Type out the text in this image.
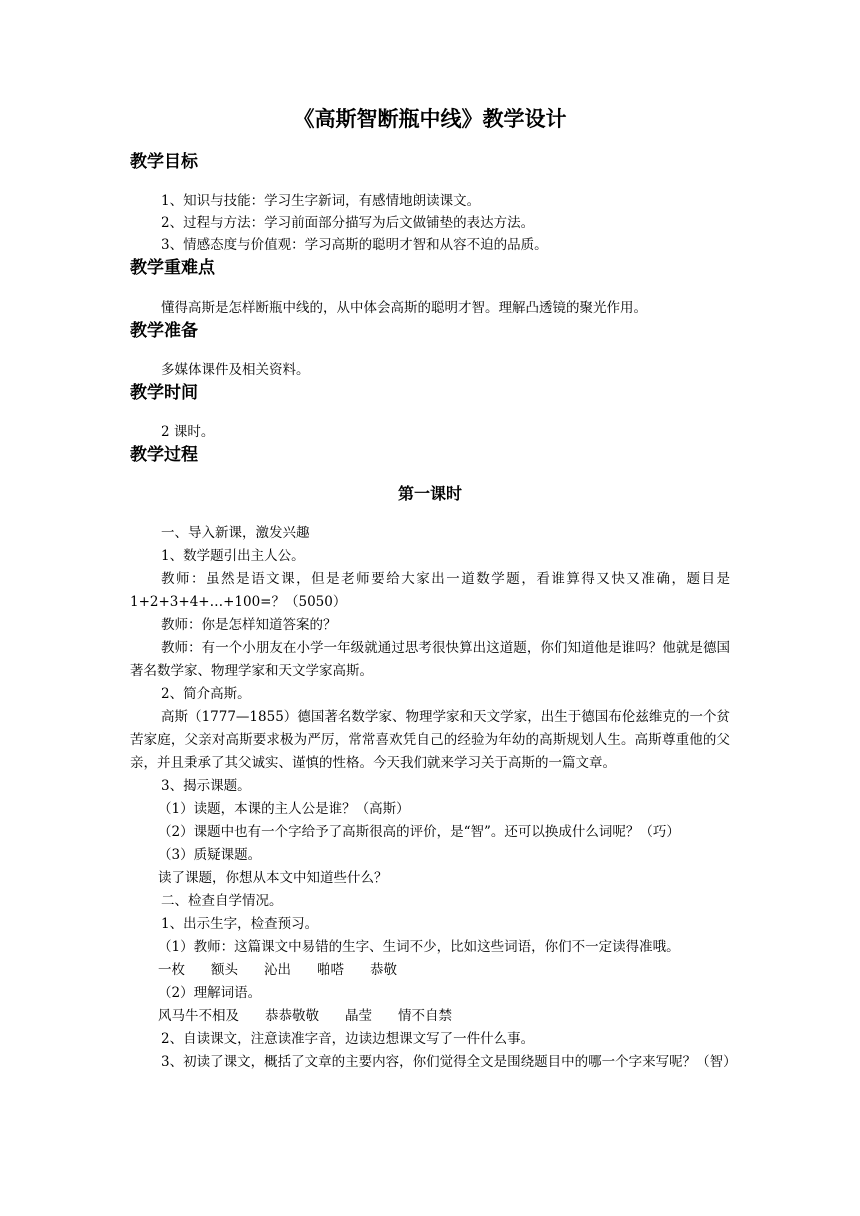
《高斯智断瓶中线》教学设计
教学目标

1、知识与技能：学习生字新词，有感情地朗读课文。

2、过程与方法：学习前面部分描写为后文做铺垫的表达方法。

3、情感态度与价值观：学习高斯的聪明才智和从容不迫的品质。

教学重难点

懂得高斯是怎样断瓶中线的，从中体会高斯的聪明才智。理解凸透镜的聚光作用。

教学准备

多媒体课件及相关资料。

教学时间

2 课时。

教学过程
第一课时

一、导入新课，激发兴趣

1、数学题引出主人公。

教师：虽然是语文课，但是老师要给大家出一道数学题，看谁算得又快又准确，题目是1+2+3+4+…+100=？（5050）

教师：你是怎样知道答案的？

教师：有一个小朋友在小学一年级就通过思考很快算出这道题，你们知道他是谁吗？他就是德国著名数学家、物理学家和天文学家高斯。

2、简介高斯。

高斯（1777—1855）德国著名数学家、物理学家和天文学家，出生于德国布伦兹维克的一个贫苦家庭，父亲对高斯要求极为严厉，常常喜欢凭自己的经验为年幼的高斯规划人生。高斯尊重他的父亲，并且秉承了其父诚实、谨慎的性格。今天我们就来学习关于高斯的一篇文章。

3、揭示课题。

（1）读题，本课的主人公是谁？（高斯）

（2）课题中也有一个字给予了高斯很高的评价，是“智”。还可以换成什么词呢？（巧）

（3）质疑课题。

读了课题，你想从本文中知道些什么？

二、检查自学情况。

1、出示生字，检查预习。

（1）教师：这篇课文中易错的生字、生词不少，比如这些词语，你们不一定读得准哦。

一枚 额头 沁出 啪嗒 恭敬

（2）理解词语。

风马牛不相及 恭恭敬敬 晶莹 情不自禁

2、自读课文，注意读准字音，边读边想课文写了一件什么事。

3、初读了课文，概括了文章的主要内容，你们觉得全文是围绕题目中的哪一个字来写呢？（智）
